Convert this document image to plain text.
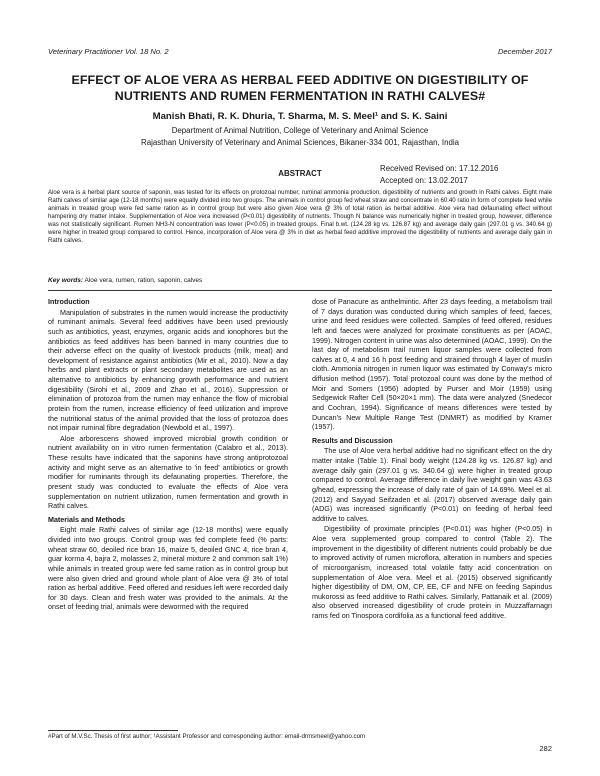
Veterinary Practitioner Vol. 18 No. 2	December 2017
EFFECT OF ALOE VERA AS HERBAL FEED ADDITIVE ON DIGESTIBILITY OF NUTRIENTS AND RUMEN FERMENTATION IN RATHI CALVES#
Manish Bhati, R. K. Dhuria, T. Sharma, M. S. Meel¹ and S. K. Saini
Department of Animal Nutrition, College of Veterinary and Animal Science
Rajasthan University of Veterinary and Animal Sciences, Bikaner-334 001, Rajasthan, India
ABSTRACT
Received Revised on: 17.12.2016
Accepted on: 13.02.2017
Aloe vera is a herbal plant source of saponin, was tested for its effects on protozoal number, ruminal ammonia production, digestibility of nutrients and growth in Rathi calves. Eight male Rathi calves of similar age (12-18 months) were equally divided into two groups. The animals in control group fed wheat straw and concentrate in 60:40 ratio in form of complete feed while animals in treated group were fed same ration as in control group but were also given Aloe vera @ 3% of total ration as herbal additive. Aloe vera had defaunating effect without hampering dry matter intake. Supplementation of Aloe vera increased (P<0.01) digestibility of nutrients. Though N balance was numerically higher in treated group, however, difference was not statistically significant. Rumen NH3-N concentration was lower (P<0.05) in treated groups. Final b.wt. (124.28 kg vs. 126.87 kg) and average daily gain (297.01 g vs. 340.64 g) were higher in treated group compared to control. Hence, incorporation of Aloe vera @ 3% in diet as herbal feed additive improved the digestibility of nutrients and average daily gain in Rathi calves.
Key words: Aloe vera, rumen, ration, saponin, calves
Introduction

Manipulation of substrates in the rumen would increase the productivity of ruminant animals. Several feed additives have been used previously such as antibiotics, yeast, enzymes, organic acids and ionophores but the antibiotics as feed additives has been banned in many countries due to their adverse effect on the quality of livestock products (milk, meat) and development of resistance against antibiotics (Mir et al., 2010). Now a day herbs and plant extracts or plant secondary metabolites are used as an alternative to antibiotics by enhancing growth performance and nutrient digestibility (Sirohi et al., 2009 and Zhao et al., 2016). Suppression or elimination of protozoa from the rumen may enhance the flow of microbial protein from the rumen, increase efficiency of feed utilization and improve the nutritional status of the animal provided that the loss of protozoa does not impair ruminal fibre degradation (Newbold et al., 1997).

Aloe arborescens showed improved microbial growth condition or nutrient availability on in vitro rumen fermentation (Calabro et al., 2013). These results have indicated that the saponins have strong antiprotozoal activity and might serve as an alternative to 'in feed' antibiotics or growth modifier for ruminants through its defaunating properties. Therefore, the present study was conducted to evaluate the effects of Aloe vera supplementation on nutrient utilization, rumen fermentation and growth in Rathi calves.

Materials and Methods

Eight male Rathi calves of similar age (12-18 months) were equally divided into two groups. Control group was fed complete feed (% parts: wheat straw 60, deoiled rice bran 16, maize 5, deoiled GNC 4, rice bran 4, guar korma 4, bajra 2, molasses 2, mineral mixture 2 and common salt 1%) while animals in treated group were fed same ration as in control group but were also given dried and ground whole plant of Aloe vera @ 3% of total ration as herbal additive. Feed offered and residues left were recorded daily for 30 days. Clean and fresh water was provided to the animals. At the onset of feeding trial, animals were dewormed with the required

dose of Panacure as anthelmintic. After 23 days feeding, a metabolism trail of 7 days duration was conducted during which samples of feed, faeces, urine and feed residues were collected. Samples of feed offered, residues left and faeces were analyzed for proximate constituents as per (AOAC, 1999). Nitrogen content in urine was also determined (AOAC, 1999). On the last day of metabolism trail rumen liquor samples were collected from calves at 0, 4 and 16 h post feeding and strained through 4 layer of muslin cloth. Ammonia nitrogen in rumen liquor was estimated by Conway's micro diffusion method (1957). Total protozoal count was done by the method of Moir and Somers (1956) adopted by Purser and Moir (1959) using Sedgewick Rafter Cell (50×20×1 mm). The data were analyzed (Snedecor and Cochran, 1994). Significance of means differences were tested by Duncan's New Multiple Range Test (DNMRT) as modified by Kramer (1957).

Results and Discussion

The use of Aloe vera herbal additive had no significant effect on the dry matter intake (Table 1). Final body weight (124.28 kg vs. 126.87 kg) and average daily gain (297.01 g vs. 340.64 g) were higher in treated group compared to control. Average difference in daily live weight gain was 43.63 g/head, expressing the increase of daily rate of gain of 14.69%. Meel et al. (2012) and Sayyad Seifzaden et al. (2017) observed average daily gain (ADG) was increased significantly (P<0.01) on feeding of herbal feed additive to calves.

Digestibility of proximate principles (P<0.01) was higher (P<0.05) in Aloe vera supplemented group compared to control (Table 2). The improvement in the digestibility of different nutrients could probably be due to improved activity of rumen microflora, alteration in numbers and species of microorganism, increased total volatile fatty acid concentration on supplementation of Aloe vera. Meel et al. (2015) observed significantly higher digestibility of DM, OM, CP, EE, CF and NFE on feeding Sapindus mukorossi as feed additive to Rathi calves. Similarly, Pattanaik et al. (2009) also observed increased digestibility of crude protein in Muzzaffarnagri rams fed on Tinospora cordifolia as a functional feed additive.

#Part of M.V.Sc. Thesis of first author; ¹Assistant Professor and corresponding author: email-drmsmeel@yahoo.com
282
